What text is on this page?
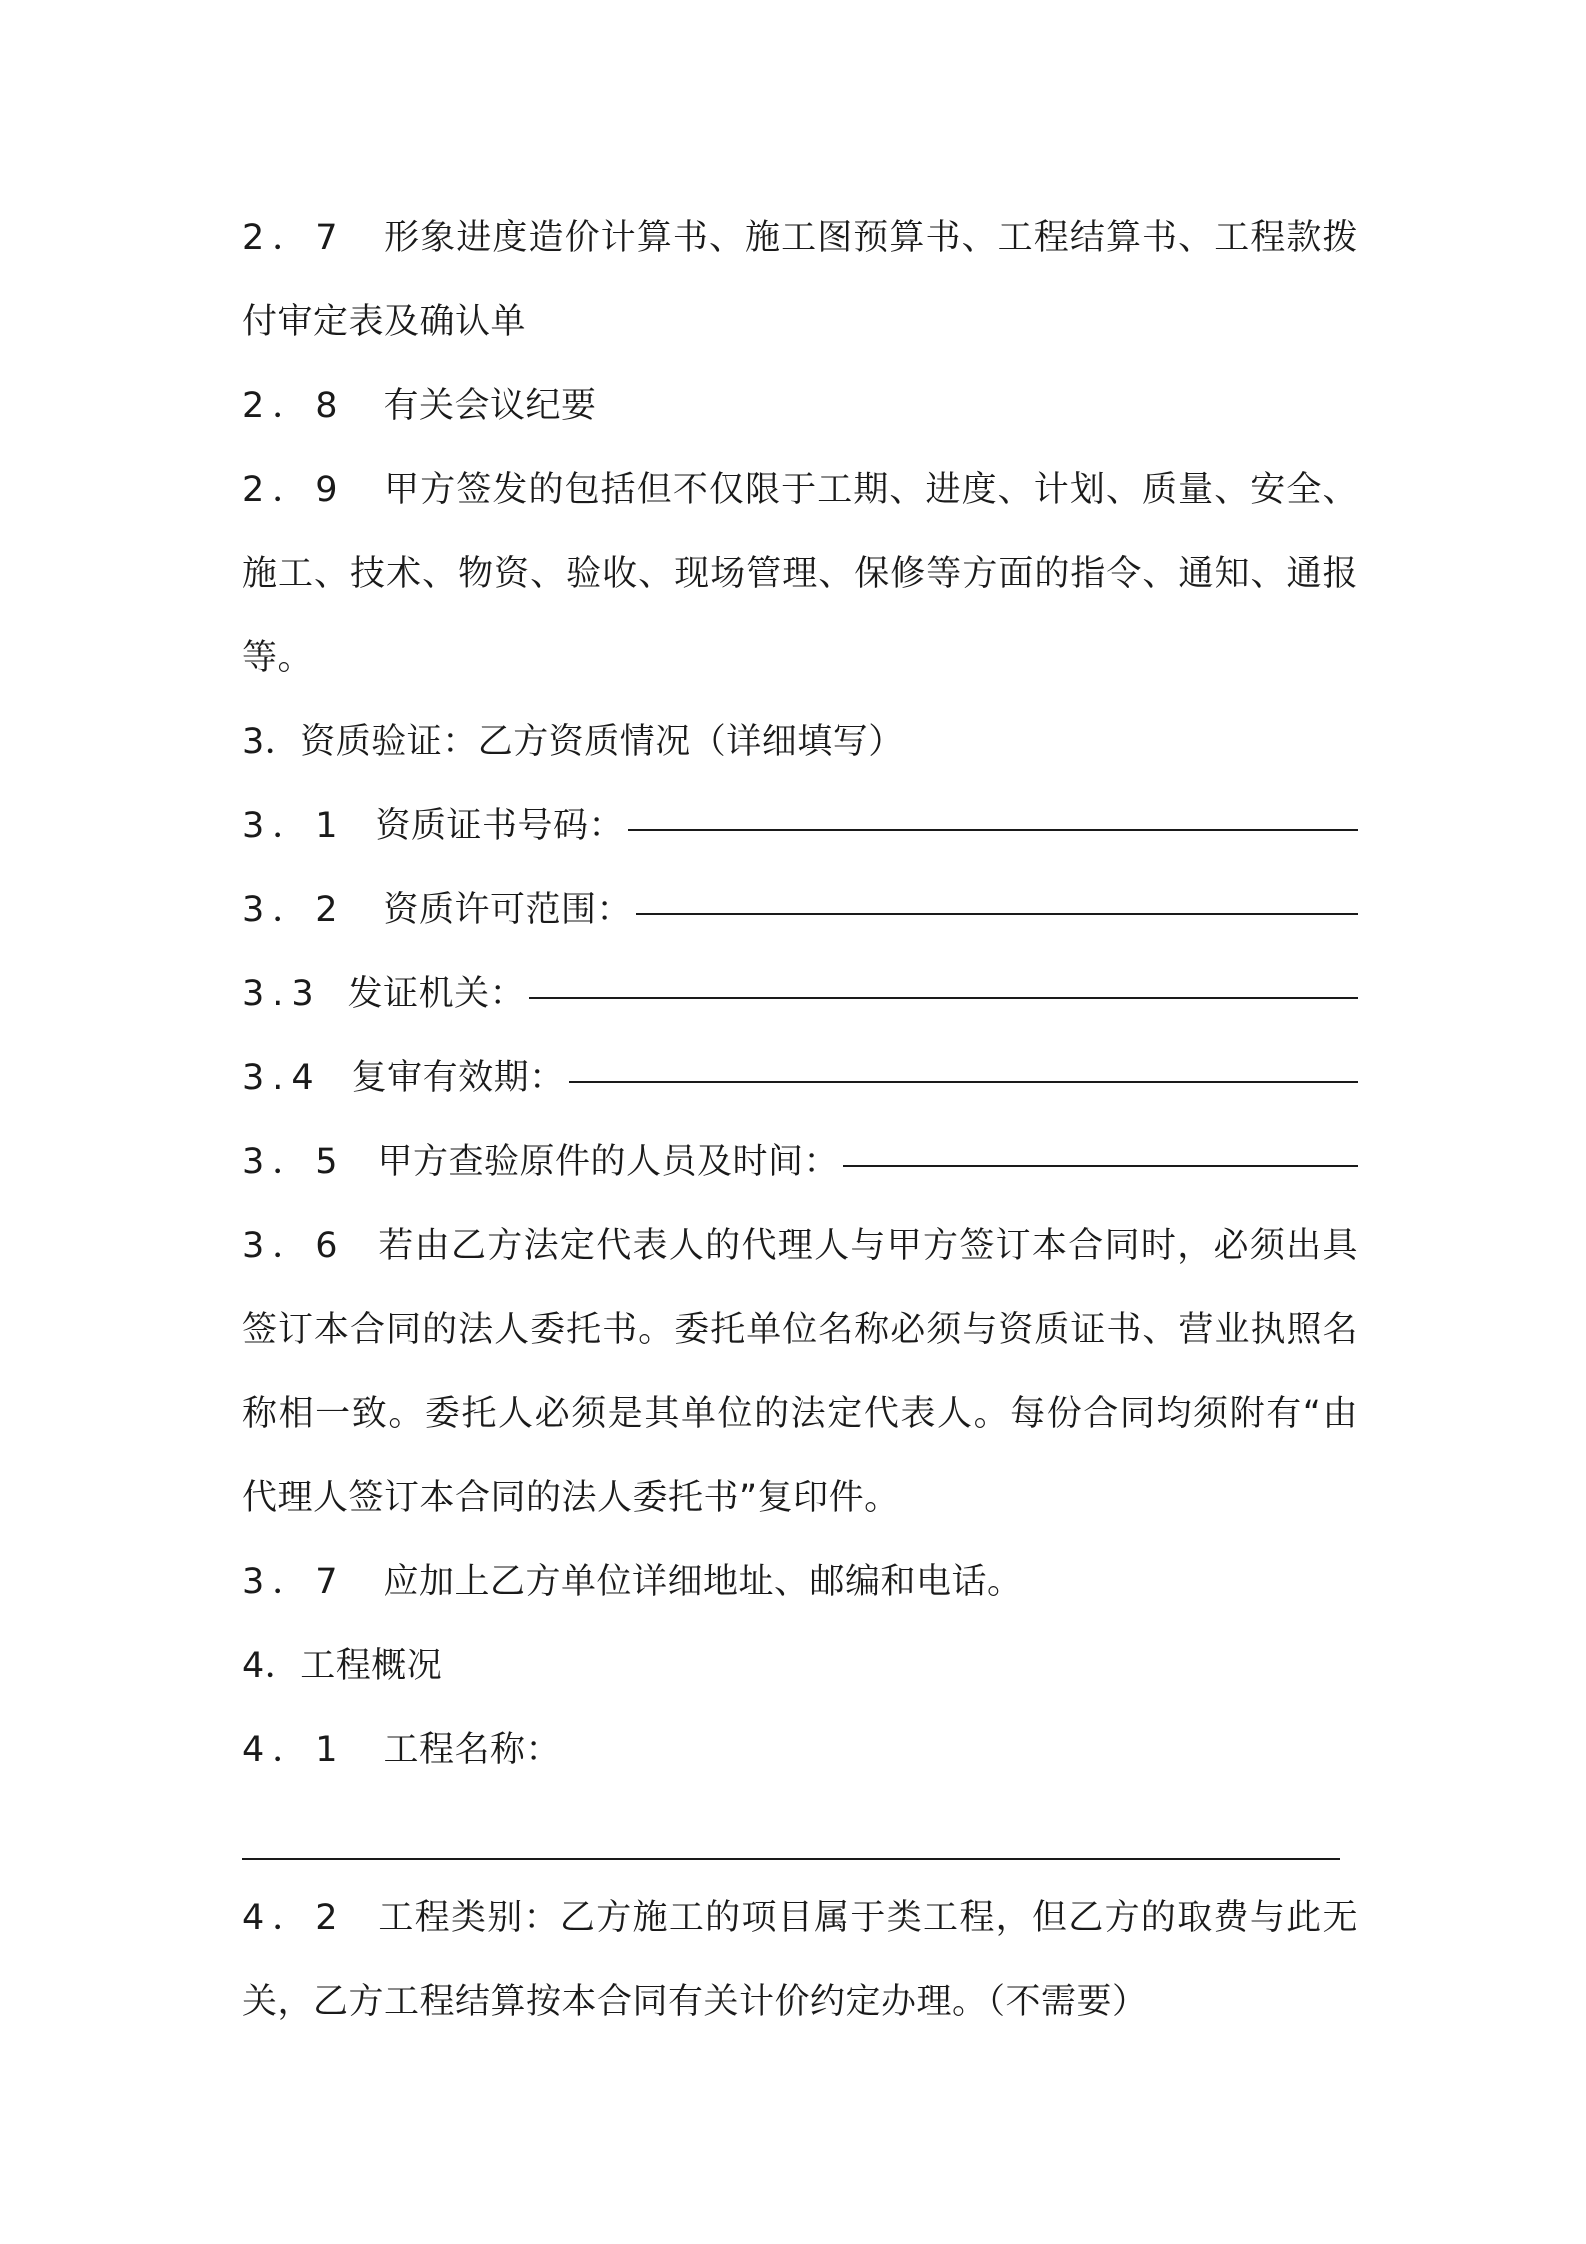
2．7 形象进度造价计算书、施工图预算书、工程结算书、工程款拨付审定表及确认单
2．8 有关会议纪要
2．9 甲方签发的包括但不仅限于工期、进度、计划、质量、安全、施工、技术、物资、验收、现场管理、保修等方面的指令、通知、通报等。
3．资质验证：乙方资质情况（详细填写）
3．1 资质证书号码：
3．2 资质许可范围：
3.3 发证机关：
3.4 复审有效期：
3．5 甲方查验原件的人员及时间：
3．6 若由乙方法定代表人的代理人与甲方签订本合同时，必须出具签订本合同的法人委托书。委托单位名称必须与资质证书、营业执照名称相一致。委托人必须是其单位的法定代表人。每份合同均须附有“由代理人签订本合同的法人委托书”复印件。
3．7 应加上乙方单位详细地址、邮编和电话。
4．工程概况
4．1 工程名称：
4．2 工程类别：乙方施工的项目属于类工程，但乙方的取费与此无关，乙方工程结算按本合同有关计价约定办理。（不需要）
